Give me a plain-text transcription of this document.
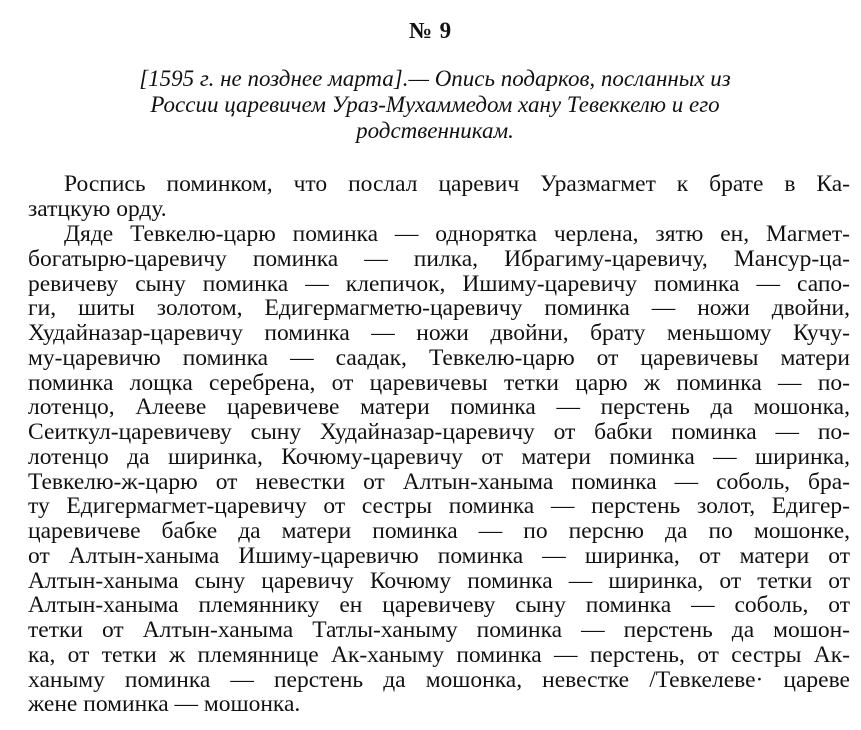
№ 9
[1595 г. не позднее марта].— Опись подарков, посланных из
России царевичем Ураз-Мухаммедом хану Тевеккелю и его
родственникам.
Роспись поминком, что послал царевич Уразмагмет к брате в Ка-
затцкую орду.
Дяде Тевкелю-царю поминка — однорятка черлена, зятю ен, Магмет-
богатырю-царевичу поминка — пилка, Ибрагиму-царевичу, Мансур-ца-
ревичеву сыну поминка — клепичок, Ишиму-царевичу поминка — сапо-
ги, шиты золотом, Едигермагметю-царевичу поминка — ножи двойни,
Худайназар-царевичу поминка — ножи двойни, брату меньшому Кучу-
му-царевичю поминка — саадак, Тевкелю-царю от царевичевы матери
поминка лощка серебрена, от царевичевы тетки царю ж поминка — по-
лотенцо, Алееве царевичеве матери поминка — перстень да мошонка,
Сеиткул-царевичеву сыну Худайназар-царевичу от бабки поминка — по-
лотенцо да ширинка, Кочюму-царевичу от матери поминка — ширинка,
Тевкелю-ж-царю от невестки от Алтын-ханыма поминка — соболь, бра-
ту Едигермагмет-царевичу от сестры поминка — перстень золот, Едигер-
царевичеве бабке да матери поминка — по персню да по мошонке,
от Алтын-ханыма Ишиму-царевичю поминка — ширинка, от матери от
Алтын-ханыма сыну царевичу Кочюму поминка — ширинка, от тетки от
Алтын-ханыма племяннику ен царевичеву сыну поминка — соболь, от
тетки от Алтын-ханыма Татлы-ханыму поминка — перстень да мошон-
ка, от тетки ж племяннице Ак-ханыму поминка — перстень, от сестры Ак-
ханыму поминка — перстень да мошонка, невестке /Тевкелеве· цареве
жене поминка — мошонка.
